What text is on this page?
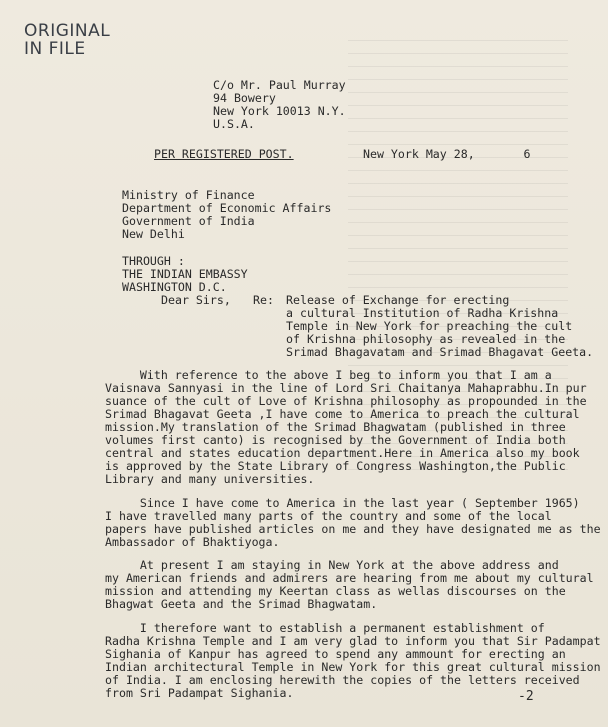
ORIGINAL
IN FILE
C/o Mr. Paul Murray
94 Bowery
New York 10013 N.Y.
U.S.A.
PER REGISTERED POST.	New York May 28,       6
Ministry of Finance
Department of Economic Affairs
Government of India
New Delhi
THROUGH :
THE INDIAN EMBASSY
WASHINGTON D.C.
Dear Sirs, Re: Release of Exchange for erecting
a cultural Institution of Radha Krishna
Temple in New York for preaching the cult
of Krishna philosophy as revealed in the
Srimad Bhagavatam and Srimad Bhagavat Geeta.
With reference to the above I beg to inform you that I am a
Vaisnava Sannyasi in the line of Lord Sri Chaitanya Mahaprabhu.In pur
suance of the cult of Love of Krishna philosophy as propounded in the
Srimad Bhagavat Geeta ,I have come to America to preach the cultural
mission.My translation of the Srimad Bhagwatam (published in three
volumes first canto) is recognised by the Government of India both
central and states education department.Here in America also my book
is approved by the State Library of Congress Washington,the Public
Library and many universities.
Since I have come to America in the last year ( September 1965)
I have travelled many parts of the country and some of the local
papers have published articles on me and they have designated me as the
Ambassador of Bhaktiyoga.
At present I am staying in New York at the above address and
my American friends and admirers are hearing from me about my cultural
mission and attending my Keertan class as wellas discourses on the
Bhagwat Geeta and the Srimad Bhagwatam.
I therefore want to establish a permanent establishment of
Radha Krishna Temple and I am very glad to inform you that Sir Padampat
Sighania of Kanpur has agreed to spend any ammount for erecting an
Indian architectural Temple in New York for this great cultural mission
of India. I am enclosing herewith the copies of the letters received
from Sri Padampat Sighania.	-2
